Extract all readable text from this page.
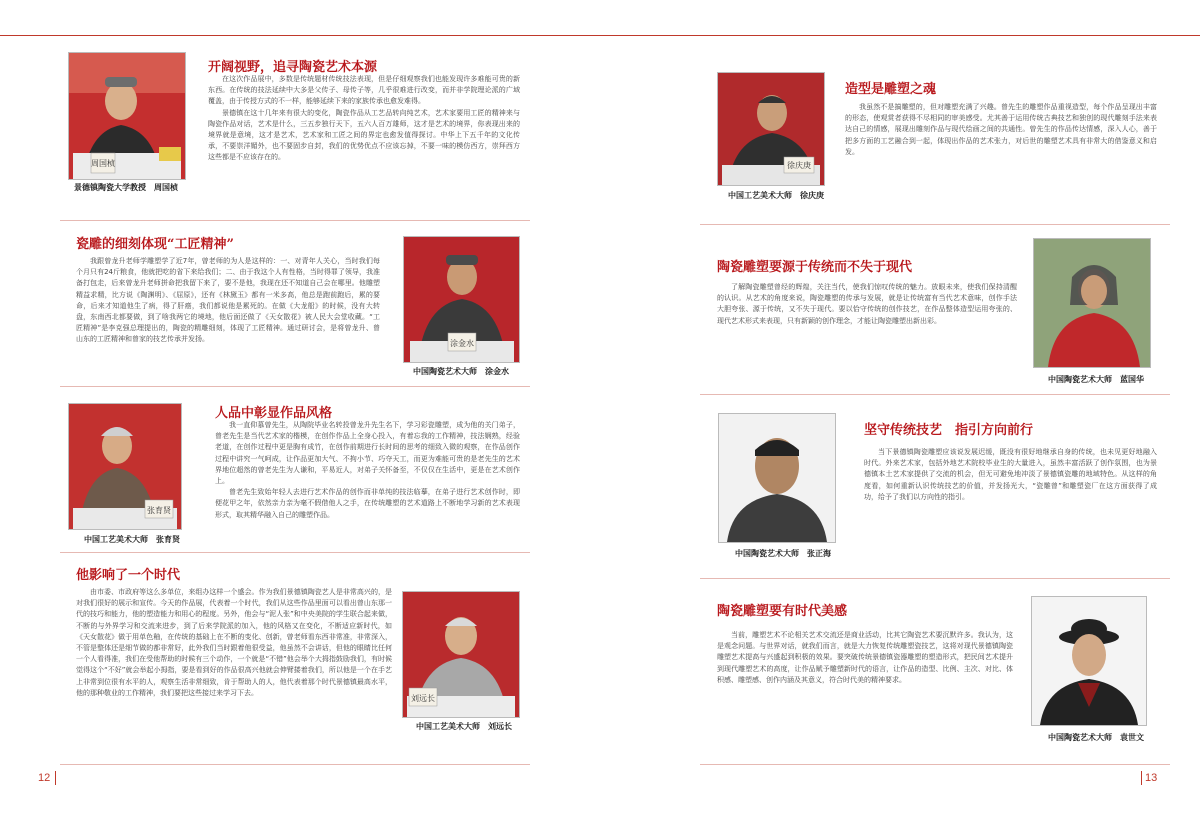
周国桢
景德镇陶瓷大学教授　周国桢
开阔视野，追寻陶瓷艺术本源

在这次作品展中，多数是传统题材传统技法表现，但是仔细观察我们也能发现许多难能可贵的新东西。在传统的技法延续中大多是父传子、母传子等，几乎很难进行改变，而并非学院理论派的广域覆盖，由于传授方式的不一样，能够延续下来的家族传承也愈发难得。

景德镇在这十几年来有很大的变化，陶瓷作品从工艺品转向纯艺术，艺术家要用工匠的精神来与陶瓷作品对话，艺术是什么，三五步独行天下，五六人百万雄师，这才是艺术的境界，你表现出来的境界就是意境，这才是艺术，艺术家和工匠之间的界定也愈发值得探讨。中华上下五千年的文化传承，不要崇洋媚外，也不要固步自封，我们的优势优点不应该忘掉，不要一味的模仿西方，崇拜西方这些都是不应该存在的。

瓷雕的细刻体现“工匠精神”

我跟曾龙升老师学雕塑学了近7年，曾老师的为人是这样的：一、对青年人关心，当时我们每个月只有24斤粮食，他就把吃的省下来给我们；二、由于我这个人有性格，当时得罪了领导，我准备打包走，后来曾龙升老师拼命把我留下来了，要不是他，我现在还不知道自己会在哪里。他雕塑精益求精，比方说《陶渊明》、《屈原》，还有《林黛玉》都有一米多高，他总是跑前跑后，累的要命，后来才知道他生了病，得了肝癌，我们都说他是累死的。在做《大龙船》的时候，没有大转盘，东南西北都要做，到了啥我两它的境地，他后面还做了《天女散花》被人民大会堂收藏。“工匠精神”是李克强总理提出的，陶瓷的精雕细刻，体现了工匠精神。通过研讨会，是将曾龙升、曾山东的工匠精神和曾家的技艺传承并发扬。	涂金水
中国陶瓷艺术大师　涂金水
张育贤
中国工艺美术大师　张育贤
人品中彰显作品风格

我一直仰慕曾先生，从陶院毕业名转投曾龙升先生名下，学习彩瓷雕塑，成为他的关门弟子，曾老先生是当代艺术家的楷模，在创作作品上全身心投入，有着忘我的工作精神，技法娴熟，经验老道，在创作过程中更是胸有成竹，在创作前期进行长时间的思考的细致入微的观察，在作品创作过程中讲究一气呵成，让作品更加大气、不拘小节、巧夺天工，而更为难能可贵的是老先生的艺术界地位超然的曾老先生为人谦和，平易近人，对弟子关怀备至，不仅仅在生活中，更是在艺术创作上。

曾老先生致始年轻人去进行艺术作品的创作而非单纯的技法临摹，在弟子进行艺术创作时，即便花甲之年，依然亲力亲为毫不假借他人之手，在传统雕塑的艺术道路上不断地学习新的艺术表现形式，取其精华融入自己的雕塑作品。

他影响了一个时代

由市委、市政府等这么多单位，来组办这样一个盛会。作为我们景德镇陶瓷艺人是非常高兴的，是对我们很好的展示和宣传。今天的作品展，代表着一个时代，我们从这些作品里面可以看出曾山东那一代的技巧和能力，他的塑造能力和用心的程度。另外，他会与“泥人张”和中央美院的学生联合起来做，不断的与外界学习和交流来进步，到了后来学院派的加入，他的风格又在变化，不断适应新时代，如《天女散花》做于用单色釉，在传统的基础上在不断的变化、创新，曾老师看东西非常准，非常深入，不管是整体还是细节做的都非常好，此外我们当时跟着他很受益，他虽然不会讲话，但他的眼睛比任何一个人看得准，我们在受他帮助的时候有三个动作，一个就是“不错”他会举个大拇指鼓励我们，有时候觉得这个“不好”就会举起小拇指，要是看到好的作品很高兴他就会伸臂搂着我们，所以他是一个在手艺上非常到位很有水平的人，观察生活非常细致，肯于帮助人的人，他代表着那个时代景德镇最高水平，他的那种敬业的工作精神，我们要把这些接过来学习下去。

刘远长
中国工艺美术大师　刘远长
12
徐庆庚
中国工艺美术大师　徐庆庚
造型是雕塑之魂

我虽然不是搞雕塑的，但对雕塑充满了兴趣。曾先生的雕塑作品重视造型，每个作品呈现出丰富的形态，使观赏者获得不尽相同的审美感受。尤其善于运用传统古典技艺和独创的现代雕刻手法来表达自己的情感，展现出雕刻作品与现代绘画之间的共通性。曾先生的作品传达情感，深入人心，善于把多方面的工艺融合到一起，体现出作品的艺术张力，对后世的雕塑艺术具有非常大的借鉴意义和启发。

陶瓷雕塑要源于传统而不失于现代

了解陶瓷雕塑曾经的辉煌，关注当代，使我们惊叹传统的魅力。放眼未来，使我们保持清醒的认识。从艺术的角度来说，陶瓷雕塑的传承与发展，就是让传统富有当代艺术意味，创作手法大胆夸张、源于传统，又不失于现代。要以恰守传统的创作技艺，在作品整体造型运用夸张的、现代艺术形式来表现，只有新颖的创作理念，才能让陶瓷雕塑出新出彩。

中国陶瓷艺术大师　蓝国华
中国陶瓷艺术大师　张正海
坚守传统技艺　指引方向前行

当下景德镇陶瓷雕塑应该说发展迟缓，既没有很好地继承自身的传统，也未见更好地融入时代。外来艺术家，包括外地艺术院校毕业生的大量进入，虽然丰富活跃了创作氛围，也为景德镇本土艺术家提供了交流的机会，但无可避免地冲淡了景德镇瓷雕的地域特色。从这样的角度看，如何重新认识传统技艺的价值，并发扬光大，“瓷雕曾”和雕塑瓷厂在这方面获得了成功，给予了我们以方向性的指引。

陶瓷雕塑要有时代美感

当前，雕塑艺术不论相关艺术交流还是商业活动，比其它陶瓷艺术要沉默许多。我认为，这是观念问题。与世界对话，就我们而言，就是大力恢复传统雕塑瓷技艺，这将对现代景德镇陶瓷雕塑艺术提高与兴盛起到积极的效果。要突破传统景德镇瓷器雕塑的塑造形式，把民间艺术提升到现代雕塑艺术的高度，让作品赋予雕塑新时代的语言，让作品的造型、比例、主次、对比、体积感、雕塑感、创作内涵及其意义，符合时代美的精神要求。

中国陶瓷艺术大师　袁世文
13
